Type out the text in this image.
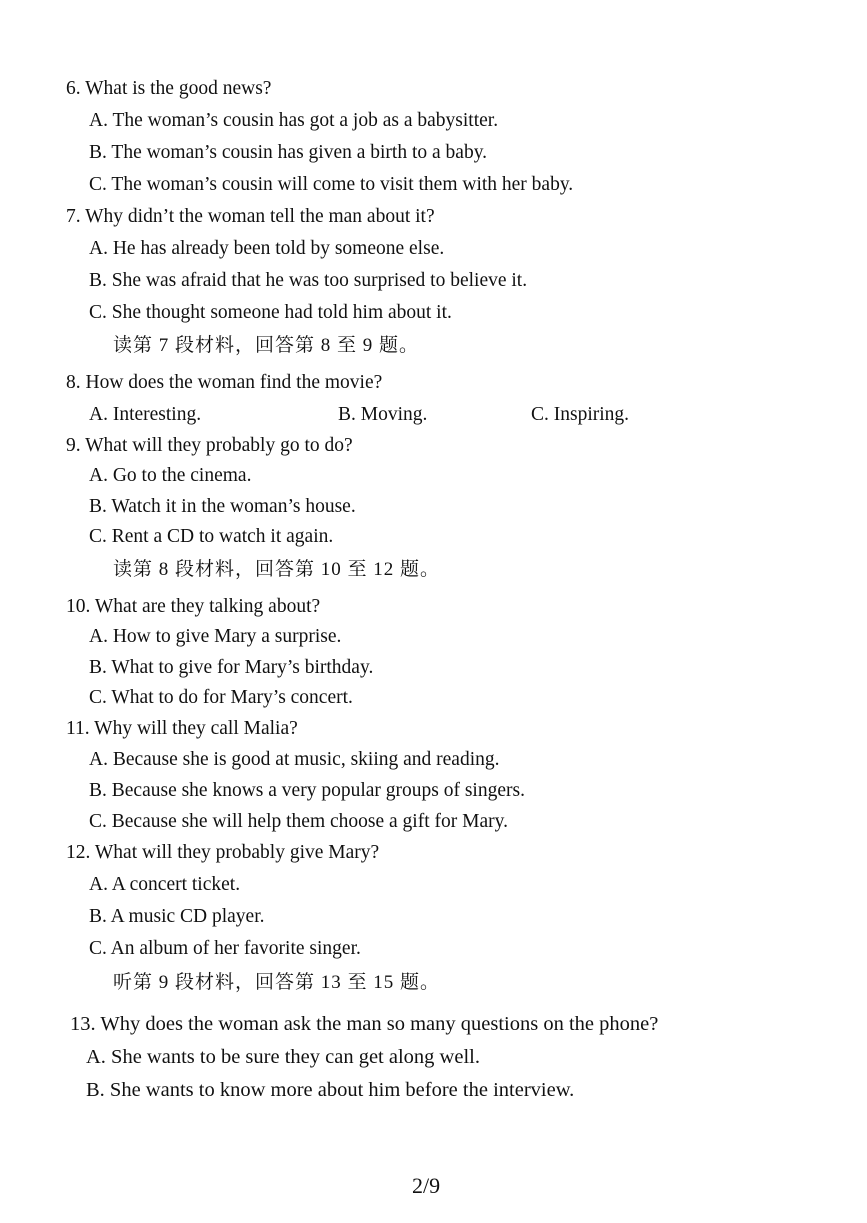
6. What is the good news?
A. The woman’s cousin has got a job as a babysitter.
B. The woman’s cousin has given a birth to a baby.
C. The woman’s cousin will come to visit them with her baby.
7. Why didn’t the woman tell the man about it?
A. He has already been told by someone else.
B. She was afraid that he was too surprised to believe it.
C. She thought someone had told him about it.
读第 7 段材料，回答第 8 至 9 题。
8. How does the woman find the movie?
A. Interesting.	B. Moving.	C. Inspiring.
9. What will they probably go to do?
A. Go to the cinema.
B. Watch it in the woman’s house.
C. Rent a CD to watch it again.
读第 8 段材料，回答第 10 至 12 题。
10. What are they talking about?
A. How to give Mary a surprise.
B. What to give for Mary’s birthday.
C. What to do for Mary’s concert.
11. Why will they call Malia?
A. Because she is good at music, skiing and reading.
B. Because she knows a very popular groups of singers.
C. Because she will help them choose a gift for Mary.
12. What will they probably give Mary?
A. A concert ticket.
B. A music CD player.
C. An album of her favorite singer.
听第 9 段材料，回答第 13 至 15 题。
13. Why does the woman ask the man so many questions on the phone?
A. She wants to be sure they can get along well.
B. She wants to know more about him before the interview.
2/9
